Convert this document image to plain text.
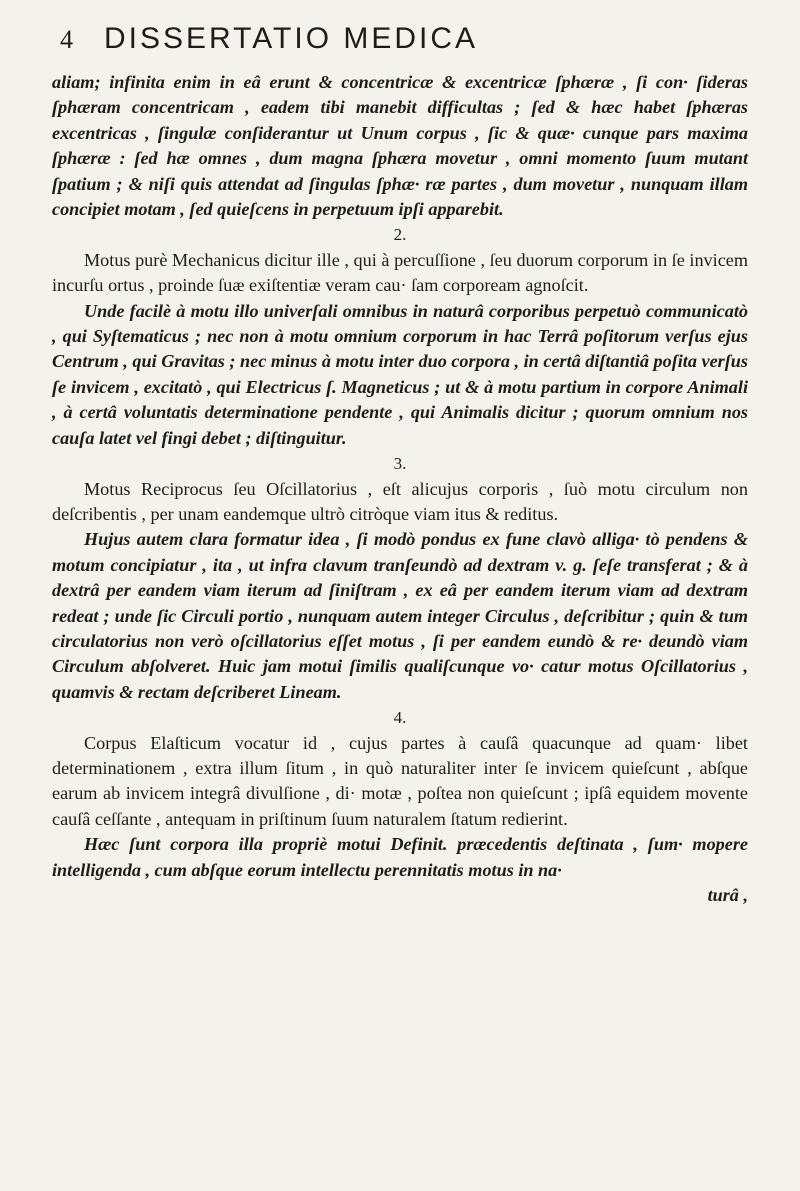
4	DISSERTATIO MEDICA

aliam; infinita enim in eâ erunt & concentricæ & excentricæ ſphæræ , ſi con· ſideras ſphæram concentricam , eadem tibi manebit difficultas ; ſed & hæc habet ſphæras excentricas , ſingulæ conſiderantur ut Unum corpus , ſic & quæ· cunque pars maxima ſphæræ : ſed hæ omnes , dum magna ſphæra movetur , omni momento ſuum mutant ſpatium ; & niſi quis attendat ad ſingulas ſphæ· ræ partes , dum movetur , nunquam illam concipiet motam , ſed quieſcens in perpetuum ipſi apparebit.

2.

Motus purè Mechanicus dicitur ille , qui à percuſſione , ſeu duorum corporum in ſe invicem incurſu ortus , proinde ſuæ exiſtentiæ veram cau· ſam corpoream agnoſcit.

Unde facilè à motu illo univerſali omnibus in naturâ corporibus perpetuò communicatò , qui Syſtematicus ; nec non à motu omnium corporum in hac Terrâ poſitorum verſus ejus Centrum , qui Gravitas ; nec minus à motu inter duo corpora , in certâ diſtantiâ poſita verſus ſe invicem , excitatò , qui Electricus ſ. Magneticus ; ut & à motu partium in corpore Animali , à certâ voluntatis determinatione pendente , qui Animalis dicitur ; quorum omnium nos cauſa latet vel fingi debet ; diſtinguitur.

3.

Motus Reciprocus ſeu Oſcillatorius , eſt alicujus corporis , ſuò motu circulum non deſcribentis , per unam eandemque ultrò citròque viam itus & reditus.

Hujus autem clara formatur idea , ſi modò pondus ex fune clavò alliga· tò pendens & motum concipiatur , ita , ut infra clavum tranſeundò ad dextram v. g. ſeſe transferat ; & à dextrâ per eandem viam iterum ad ſiniſtram , ex eâ per eandem iterum viam ad dextram redeat ; unde ſic Circuli portio , nunquam autem integer Circulus , deſcribitur ; quin & tum circulatorius non verò oſcillatorius eſſet motus , ſi per eandem eundò & re· deundò viam Circulum abſolveret. Huic jam motui ſimilis qualiſcunque vo· catur motus Oſcillatorius , quamvis & rectam deſcriberet Lineam.

4.

Corpus Elaſticum vocatur id , cujus partes à cauſâ quacunque ad quam· libet determinationem , extra illum ſitum , in quò naturaliter inter ſe invicem quieſcunt , abſque earum ab invicem integrâ divulſione , di· motæ , poſtea non quieſcunt ; ipſâ equidem movente cauſâ ceſſante , antequam in priſtinum ſuum naturalem ſtatum redierint.

Hæc ſunt corpora illa propriè motui Definit. præcedentis deſtinata , ſum· mopere intelligenda , cum abſque eorum intellectu perennitatis motus in na·

turâ ,
